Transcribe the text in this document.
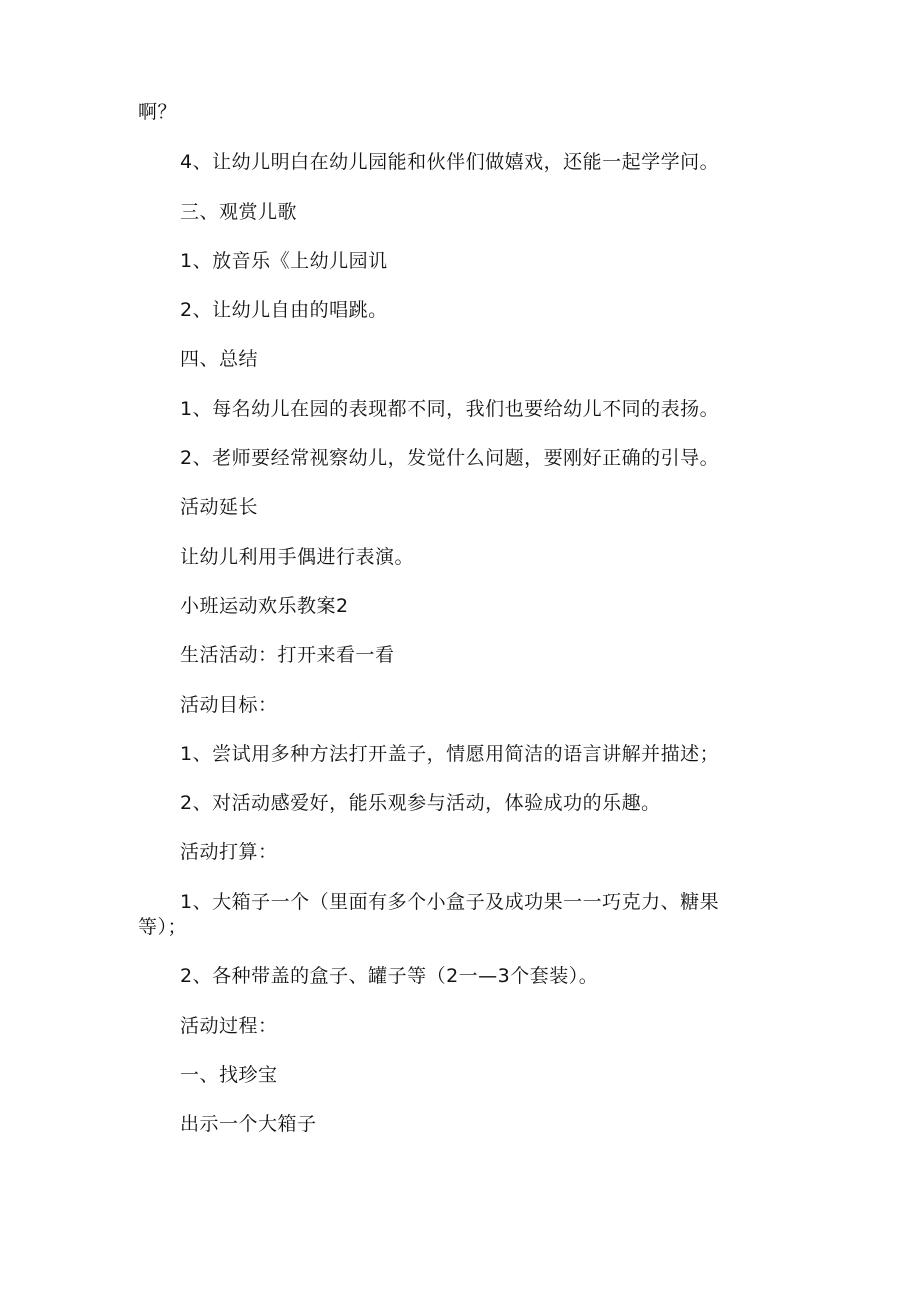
啊？
4、让幼儿明白在幼儿园能和伙伴们做嬉戏，还能一起学学问。
三、观赏儿歌
1、放音乐《上幼儿园讥
2、让幼儿自由的唱跳。
四、总结
1、每名幼儿在园的表现都不同，我们也要给幼儿不同的表扬。
2、老师要经常视察幼儿，发觉什么问题，要刚好正确的引导。
活动延长
让幼儿利用手偶进行表演。
小班运动欢乐教案2
生活活动：打开来看一看
活动目标：
1、尝试用多种方法打开盖子，情愿用简洁的语言讲解并描述；
2、对活动感爱好，能乐观参与活动，体验成功的乐趣。
活动打算：
1、大箱子一个（里面有多个小盒子及成功果一一巧克力、糖果
等）；
2、各种带盖的盒子、罐子等（2一—3个套装）。
活动过程：
一、找珍宝
出示一个大箱子
